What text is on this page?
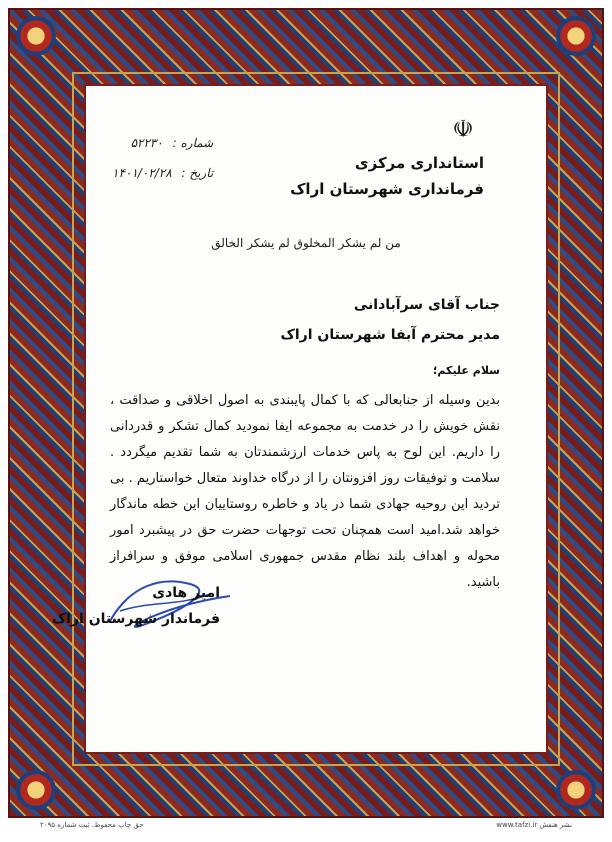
☫
استانداری مرکزی
فرمانداری شهرستان اراک
شماره : ۵۲۲۳۰
تاریخ : ۱۴۰۱/۰۲/۲۸
من لم یشکر المخلوق لم یشکر الخالق
جناب آقای سرآبادانی
مدیر محترم آبفا شهرستان اراک
سلام علیکم؛
بدین وسیله از جنابعالی که با کمال پایبندی به اصول اخلاقی و صداقت ، نقش خویش را در خدمت به مجموعه ایفا نمودید کمال تشکر و قدردانی را داریم. این لوح به پاس خدمات ارزشمندتان به شما تقدیم میگردد . سلامت و توفیقات روز افزونتان را از درگاه خداوند متعال خواستاریم . بی تردید این روحیه جهادی شما در یاد و خاطره روستاییان این خطه ماندگار خواهد شد.امید است همچنان تحت توجهات حضرت حق در پیشبرد امور محوله و اهداف بلند نظام مقدس جمهوری اسلامی موفق و سرافراز باشید.
امیر هادی
فرماندار شهرستان اراک
حق چاپ محفوظ. ثبت شماره ۲۰۹۵	www.tafzi.ir نشر هنفش
